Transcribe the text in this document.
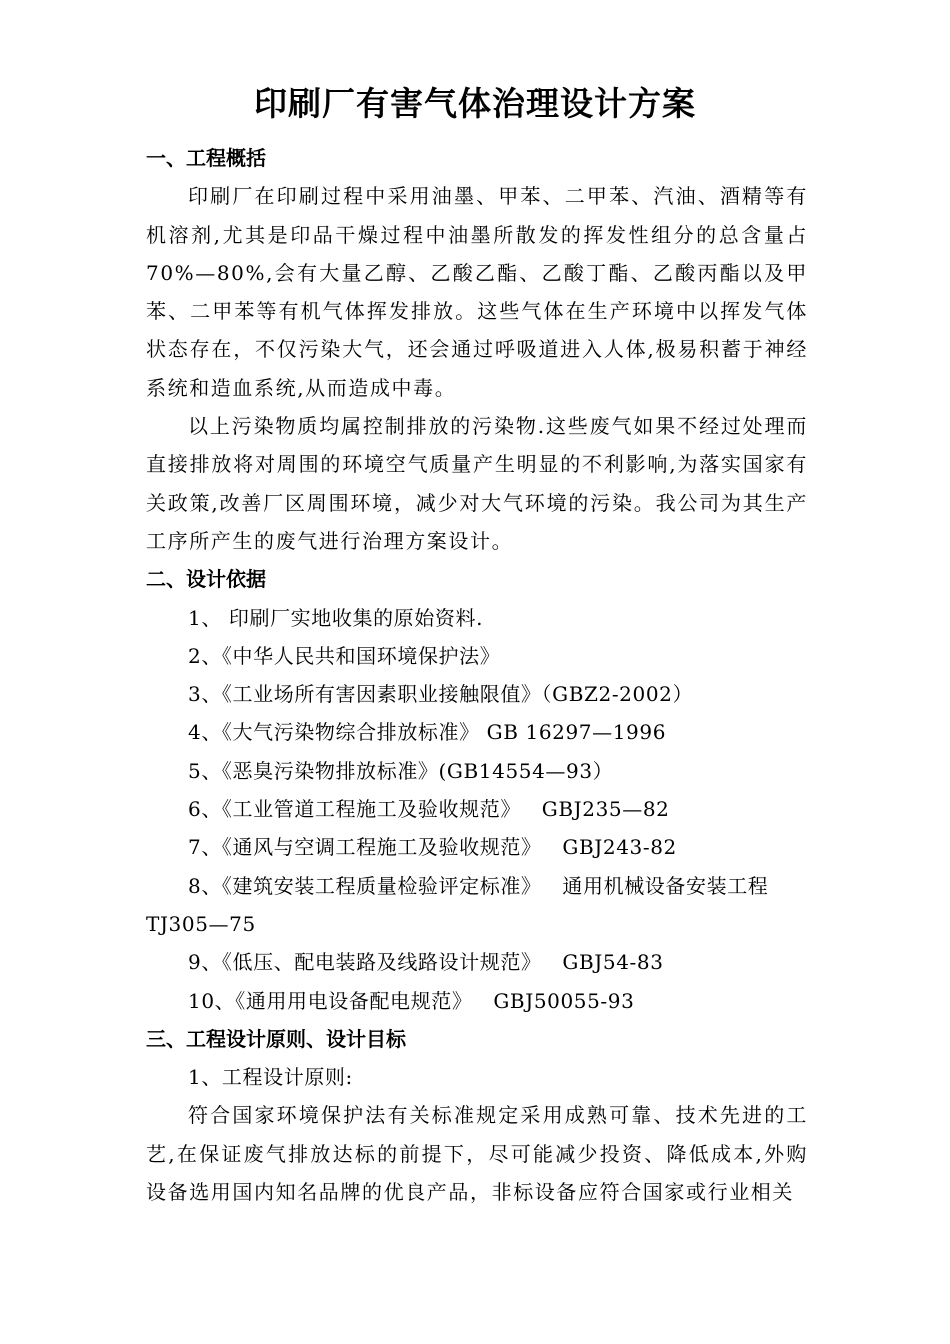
印刷厂有害气体治理设计方案
一、工程概括
印刷厂在印刷过程中采用油墨、甲苯、二甲苯、汽油、酒精等有机溶剂,尤其是印品干燥过程中油墨所散发的挥发性组分的总含量占70%—80%,会有大量乙醇、乙酸乙酯、乙酸丁酯、乙酸丙酯以及甲苯、二甲苯等有机气体挥发排放。这些气体在生产环境中以挥发气体状态存在，不仅污染大气，还会通过呼吸道进入人体,极易积蓄于神经系统和造血系统,从而造成中毒。
以上污染物质均属控制排放的污染物.这些废气如果不经过处理而直接排放将对周围的环境空气质量产生明显的不利影响,为落实国家有关政策,改善厂区周围环境，减少对大气环境的污染。我公司为其生产工序所产生的废气进行治理方案设计。
二、设计依据
1、 印刷厂实地收集的原始资料.
2、《中华人民共和国环境保护法》
3、《工业场所有害因素职业接触限值》（GBZ2-2002）
4、《大气污染物综合排放标准》 GB 16297—1996
5、《恶臭污染物排放标准》(GB14554—93）
6、《工业管道工程施工及验收规范》   GBJ235—82
7、《通风与空调工程施工及验收规范》   GBJ243-82
8、《建筑安装工程质量检验评定标准》   通用机械设备安装工程   TJ305—75
9、《低压、配电装路及线路设计规范》   GBJ54-83
10、《通用用电设备配电规范》   GBJ50055-93
三、工程设计原则、设计目标
1、工程设计原则:
符合国家环境保护法有关标准规定采用成熟可靠、技术先进的工艺,在保证废气排放达标的前提下，尽可能减少投资、降低成本,外购设备选用国内知名品牌的优良产品，非标设备应符合国家或行业相关
